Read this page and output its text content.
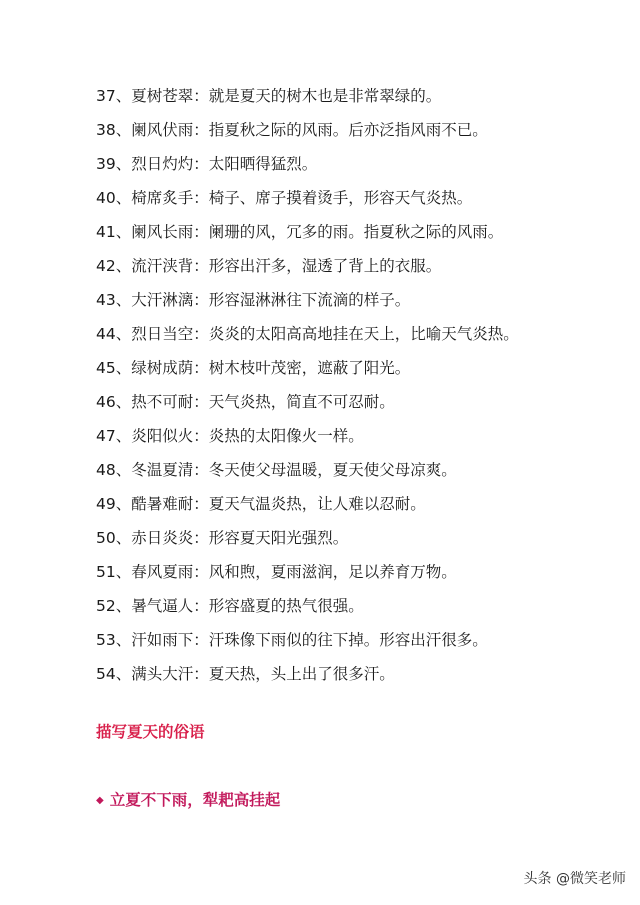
37、夏树苍翠：就是夏天的树木也是非常翠绿的。
38、阑风伏雨：指夏秋之际的风雨。后亦泛指风雨不已。
39、烈日灼灼：太阳晒得猛烈。
40、椅席炙手：椅子、席子摸着烫手，形容天气炎热。
41、阑风长雨：阑珊的风，冗多的雨。指夏秋之际的风雨。
42、流汗浃背：形容出汗多，湿透了背上的衣服。
43、大汗淋漓：形容湿淋淋往下流滴的样子。
44、烈日当空：炎炎的太阳高高地挂在天上，比喻天气炎热。
45、绿树成荫：树木枝叶茂密，遮蔽了阳光。
46、热不可耐：天气炎热，简直不可忍耐。
47、炎阳似火：炎热的太阳像火一样。
48、冬温夏清：冬天使父母温暖，夏天使父母凉爽。
49、酷暑难耐：夏天气温炎热，让人难以忍耐。
50、赤日炎炎：形容夏天阳光强烈。
51、春风夏雨：风和煦，夏雨滋润，足以养育万物。
52、暑气逼人：形容盛夏的热气很强。
53、汗如雨下：汗珠像下雨似的往下掉。形容出汗很多。
54、满头大汗：夏天热，头上出了很多汗。
描写夏天的俗语
◆ 立夏不下雨，犁耙高挂起
头条 @微笑老师
